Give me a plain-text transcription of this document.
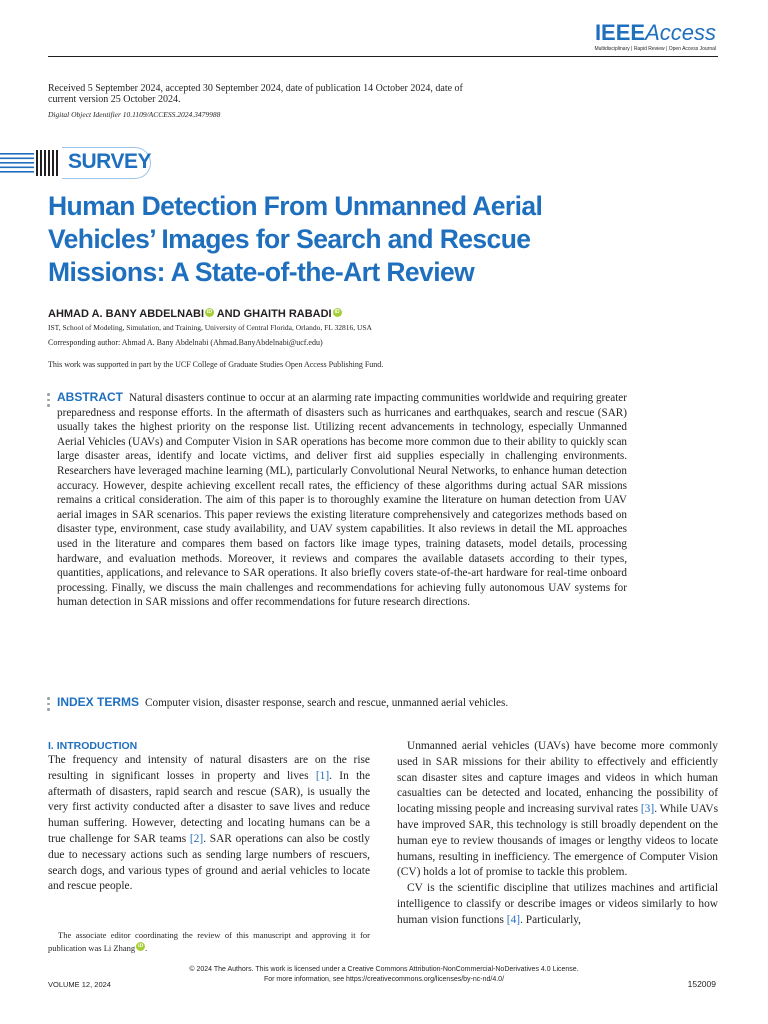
IEEEAccess
Multidisciplinary | Rapid Review | Open Access Journal
Received 5 September 2024, accepted 30 September 2024, date of publication 14 October 2024, date of current version 25 October 2024.
Digital Object Identifier 10.1109/ACCESS.2024.3479988
SURVEY
Human Detection From Unmanned Aerial Vehicles’ Images for Search and Rescue Missions: A State-of-the-Art Review
AHMAD A. BANY ABDELNABI iD AND GHAITH RABADI iD
IST, School of Modeling, Simulation, and Training, University of Central Florida, Orlando, FL 32816, USA
Corresponding author: Ahmad A. Bany Abdelnabi (Ahmad.BanyAbdelnabi@ucf.edu)
This work was supported in part by the UCF College of Graduate Studies Open Access Publishing Fund.
ABSTRACT Natural disasters continue to occur at an alarming rate impacting communities worldwide and requiring greater preparedness and response efforts. In the aftermath of disasters such as hurricanes and earthquakes, search and rescue (SAR) usually takes the highest priority on the response list. Utilizing recent advancements in technology, especially Unmanned Aerial Vehicles (UAVs) and Computer Vision in SAR operations has become more common due to their ability to quickly scan large disaster areas, identify and locate victims, and deliver first aid supplies especially in challenging environments. Researchers have leveraged machine learning (ML), particularly Convolutional Neural Networks, to enhance human detection accuracy. However, despite achieving excellent recall rates, the efficiency of these algorithms during actual SAR missions remains a critical consideration. The aim of this paper is to thoroughly examine the literature on human detection from UAV aerial images in SAR scenarios. This paper reviews the existing literature comprehensively and categorizes methods based on disaster type, environment, case study availability, and UAV system capabilities. It also reviews in detail the ML approaches used in the literature and compares them based on factors like image types, training datasets, model details, processing hardware, and evaluation methods. Moreover, it reviews and compares the available datasets according to their types, quantities, applications, and relevance to SAR operations. It also briefly covers state-of-the-art hardware for real-time onboard processing. Finally, we discuss the main challenges and recommendations for achieving fully autonomous UAV systems for human detection in SAR missions and offer recommendations for future research directions.
INDEX TERMS Computer vision, disaster response, search and rescue, unmanned aerial vehicles.
I. INTRODUCTION

The frequency and intensity of natural disasters are on the rise resulting in significant losses in property and lives [1]. In the aftermath of disasters, rapid search and rescue (SAR), is usually the very first activity conducted after a disaster to save lives and reduce human suffering. However, detecting and locating humans can be a true challenge for SAR teams [2]. SAR operations can also be costly due to necessary actions such as sending large numbers of rescuers, search dogs, and various types of ground and aerial vehicles to locate and rescue people.

The associate editor coordinating the review of this manuscript and approving it for publication was Li Zhang iD .

Unmanned aerial vehicles (UAVs) have become more commonly used in SAR missions for their ability to effectively and efficiently scan disaster sites and capture images and videos in which human casualties can be detected and located, enhancing the possibility of locating missing people and increasing survival rates [3]. While UAVs have improved SAR, this technology is still broadly dependent on the human eye to review thousands of images or lengthy videos to locate humans, resulting in inefficiency. The emergence of Computer Vision (CV) holds a lot of promise to tackle this problem.

CV is the scientific discipline that utilizes machines and artificial intelligence to classify or describe images or videos similarly to how human vision functions [4]. Particularly,

© 2024 The Authors. This work is licensed under a Creative Commons Attribution-NonCommercial-NoDerivatives 4.0 License.
For more information, see https://creativecommons.org/licenses/by-nc-nd/4.0/
VOLUME 12, 2024	152009
